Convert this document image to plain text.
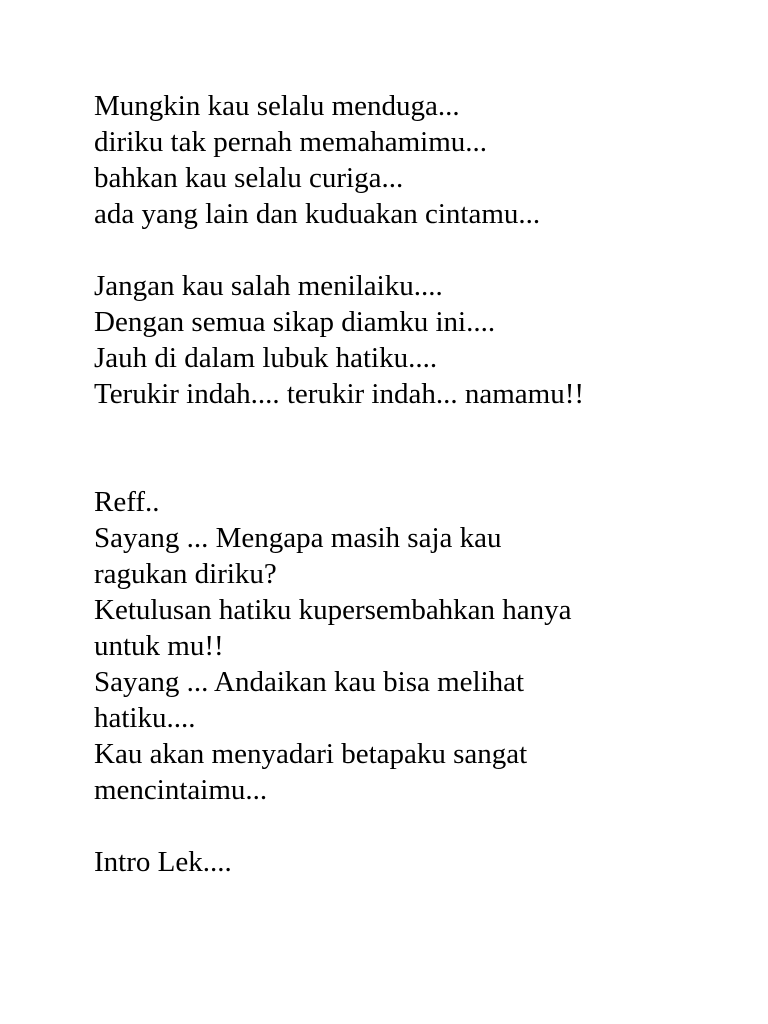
Mungkin kau selalu menduga...
diriku tak pernah memahamimu...
bahkan kau selalu curiga...
ada yang lain dan kuduakan cintamu...
Jangan kau salah menilaiku....
Dengan semua sikap diamku ini....
Jauh di dalam lubuk hatiku....
Terukir indah.... terukir indah... namamu!!
Reff..
Sayang ... Mengapa masih saja kau
ragukan diriku?
Ketulusan hatiku kupersembahkan hanya
untuk mu!!
Sayang ... Andaikan kau bisa melihat
hatiku....
Kau akan menyadari betapaku sangat
mencintaimu...
Intro Lek....
